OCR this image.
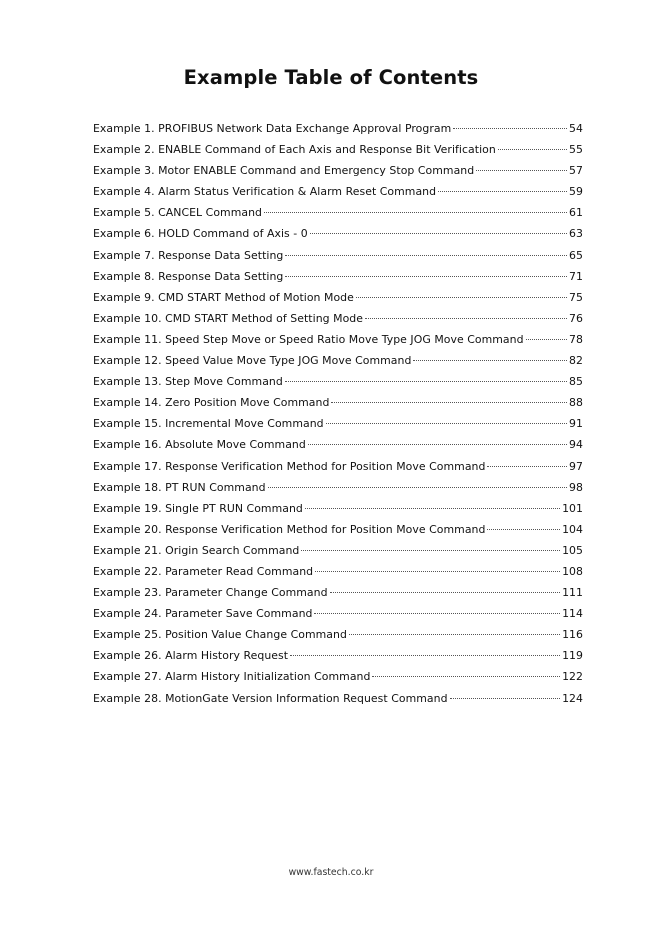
Example Table of Contents
Example 1. PROFIBUS Network Data Exchange Approval Program	54
Example 2. ENABLE Command of Each Axis and Response Bit Verification	55
Example 3. Motor ENABLE Command and Emergency Stop Command	57
Example 4. Alarm Status Verification & Alarm Reset Command	59
Example 5. CANCEL Command	61
Example 6. HOLD Command of Axis - 0	63
Example 7. Response Data Setting	65
Example 8. Response Data Setting	71
Example 9. CMD START Method of Motion Mode	75
Example 10. CMD START Method of Setting Mode	76
Example 11. Speed Step Move or Speed Ratio Move Type JOG Move Command	78
Example 12. Speed Value Move Type JOG Move Command	82
Example 13. Step Move Command	85
Example 14. Zero Position Move Command	88
Example 15. Incremental Move Command	91
Example 16. Absolute Move Command	94
Example 17. Response Verification Method for Position Move Command	97
Example 18. PT RUN Command	98
Example 19. Single PT RUN Command	101
Example 20. Response Verification Method for Position Move Command	104
Example 21. Origin Search Command	105
Example 22. Parameter Read Command	108
Example 23. Parameter Change Command	111
Example 24. Parameter Save Command	114
Example 25. Position Value Change Command	116
Example 26. Alarm History Request	119
Example 27. Alarm History Initialization Command	122
Example 28. MotionGate Version Information Request Command	124
www.fastech.co.kr
